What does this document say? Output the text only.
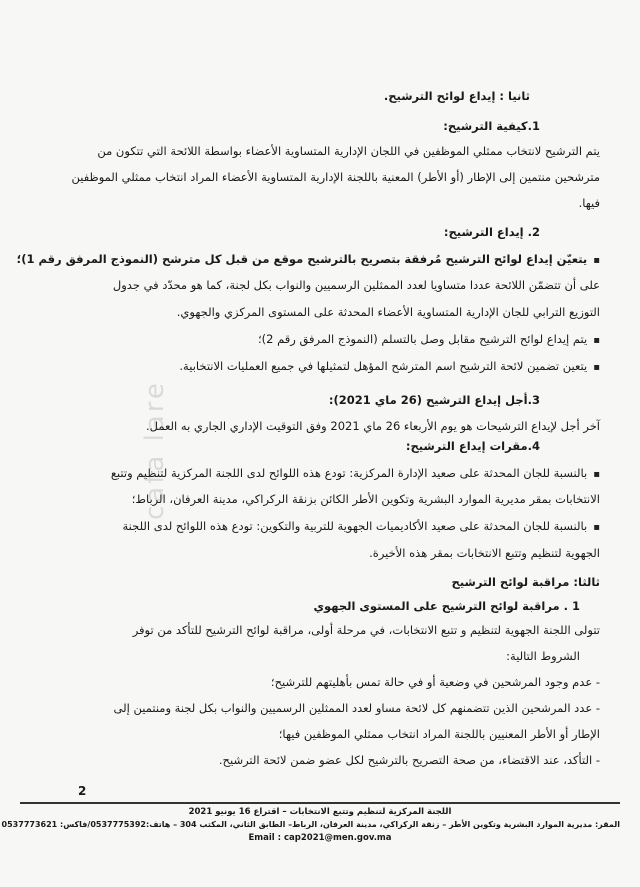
ثانيا : إيداع لوائح الترشيح.
1.كيفية الترشيح:
يتم الترشيح لانتخاب ممثلي الموظفين في اللجان الإدارية المتساوية الأعضاء بواسطة اللائحة التي تتكون من
مترشحين منتمين إلى الإطار (أو الأطر) المعنية باللجنة الإدارية المتساوية الأعضاء المراد انتخاب ممثلي الموظفين
فيها.
2. إيداع الترشيح:
▪ يتعيّن إيداع لوائح الترشيح مُرفقة بتصريح بالترشيح موقع من قبل كل مترشح (النموذج المرفق رقم 1)؛
على أن تتضمّن اللائحة عددا متساويا لعدد الممثلين الرسميين والنواب بكل لجنة، كما هو محدّد في جدول
التوزيع الترابي للجان الإدارية المتساوية الأعضاء المحدثة على المستوى المركزي والجهوي.
▪ يتم إيداع لوائح الترشيح مقابل وصل بالتسلم (النموذج المرفق رقم 2)؛
▪ يتعين تضمين لائحة الترشيح اسم المترشح المؤهل لتمثيلها في جميع العمليات الانتخابية.
3.أجل إيداع الترشيح (26 ماي 2021):
آخر أجل لإيداع الترشيحات هو يوم الأربعاء 26 ماي 2021 وفق التوقيت الإداري الجاري به العمل.
4.مقرات إيداع الترشيح:
▪ بالنسبة للجان المحدثة على صعيد الإدارة المركزية: تودع هذه اللوائح لدى اللجنة المركزية لتنظيم وتتبع
الانتخابات بمقر مديرية الموارد البشرية وتكوين الأطر الكائن بزنقة الركراكي، مدينة العرفان، الرباط؛
▪ بالنسبة للجان المحدثة على صعيد الأكاديميات الجهوية للتربية والتكوين: تودع هذه اللوائح لدى اللجنة
الجهوية لتنظيم وتتبع الانتخابات بمقر هذه الأخيرة.
ثالثا: مراقبة لوائح الترشيح
1 . مراقبة لوائح الترشيح على المستوى الجهوي
تتولى اللجنة الجهوية لتنظيم و تتبع الانتخابات، في مرحلة أولى، مراقبة لوائح الترشيح للتأكد من توفر
الشروط التالية:
- عدم وجود المرشحين في وضعية أو في حالة تمس بأهليتهم للترشيح؛
- عدد المرشحين الذين تتضمنهم كل لائحة مساو لعدد الممثلين الرسميين والنواب بكل لجنة ومنتمين إلى
الإطار أو الأطر المعنيين باللجنة المراد انتخاب ممثلي الموظفين فيها؛
- التأكد، عند الاقتضاء، من صحة التصريح بالترشيح لكل عضو ضمن لائحة الترشيح.
cafa lare
2
اللجنة المركزية لتنظيم وتتبع الانتخابات – اقتراع 16 يونيو 2021
المقر: مديرية الموارد البشرية وتكوين الأطر – زنقة الركراكي، مدينة العرفان، الرباط– الطابق الثاني، المكتب 304 – هاتف:0537775392/فاكس: 0537773621
Email : cap2021@men.gov.ma
